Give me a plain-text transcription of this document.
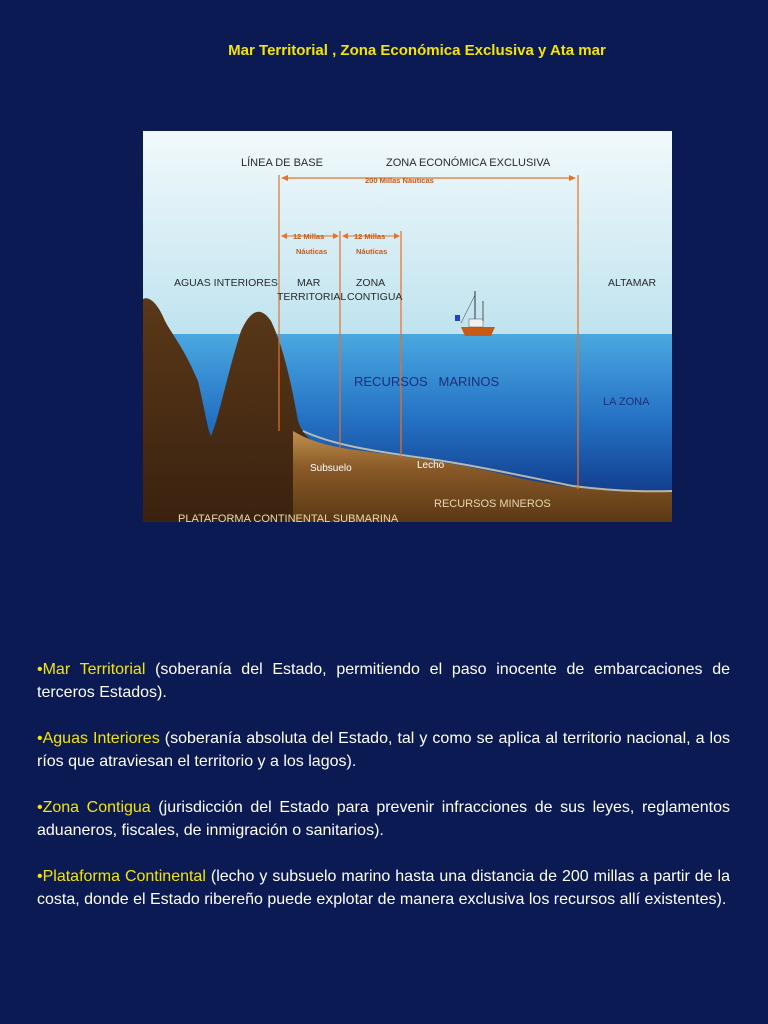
Mar Territorial , Zona Económica Exclusiva y Ata mar
LÍNEA DE BASE	ZONA ECONÓMICA EXCLUSIVA
200 Millas Náuticas
12 Millas
Náuticas
12 Millas
Náuticas
AGUAS INTERIORES MAR
TERRITORIAL
ZONA
CONTIGUA
ALTAMAR
RECURSOS   MARINOS
LA ZONA
Subsuelo	Lecho
RECURSOS MINEROS
PLATAFORMA CONTINENTAL SUBMARINA

•Mar Territorial (soberanía del Estado, permitiendo el paso inocente de embarcaciones de terceros Estados).

•Aguas Interiores (soberanía absoluta del Estado, tal y como se aplica al territorio nacional, a los ríos que atraviesan el territorio y a los lagos).

•Zona Contigua (jurisdicción del Estado para prevenir infracciones de sus leyes, reglamentos aduaneros, fiscales, de inmigración o sanitarios).

•Plataforma Continental (lecho y subsuelo marino hasta una distancia de 200 millas a partir de la costa, donde el Estado ribereño puede explotar de manera exclusiva los recursos allí existentes).
